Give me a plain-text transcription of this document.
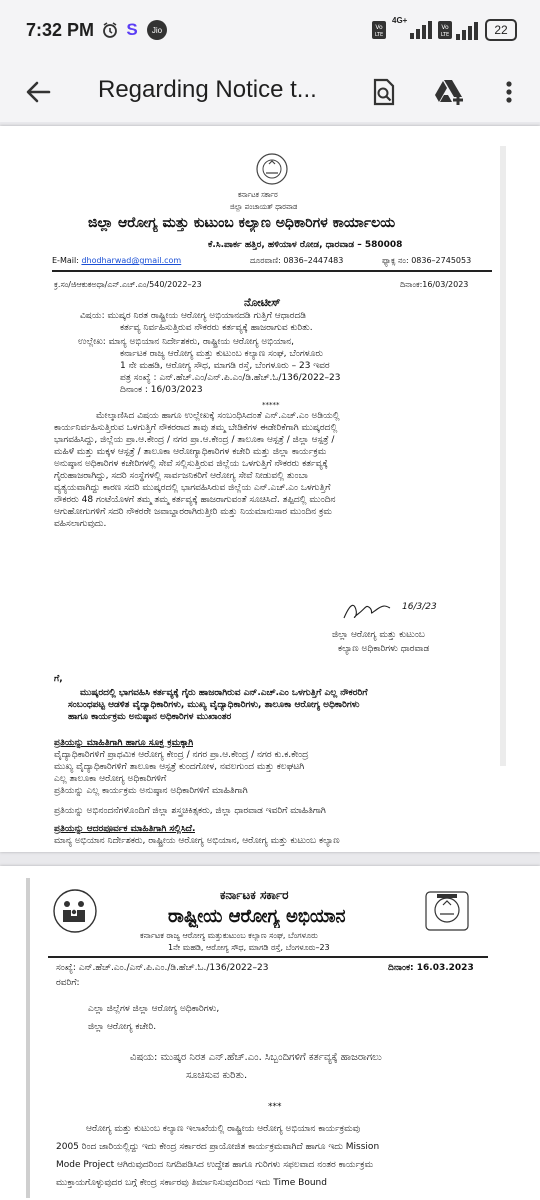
7:32 PM S	Jio	Vo
LTE
4G+
Vo
LTE	22
Regarding Notice t...
ಕರ್ನಾಟಕ ಸರ್ಕಾರ
ಜಿಲ್ಲಾ ಪಂಚಾಯತ್ ಧಾರವಾಡ
ಜಿಲ್ಲಾ ಆರೋಗ್ಯ ಮತ್ತು ಕುಟುಂಬ ಕಲ್ಯಾಣ ಅಧಿಕಾರಿಗಳ ಕಾರ್ಯಾಲಯ
ಕೆ.ಸಿ.ಪಾರ್ಕ ಹತ್ತಿರ, ಹಳಿಯಾಳ ರೋಡ, ಧಾರವಾಡ – 580008
E-Mail: dhodharwad@gmail.com	ದೂರವಾಣಿ: 0836–2447483	ಫ್ಯಾಕ್ಸ ನಂ: 0836–2745053
ಕ್ರ.ಸಂ/ಜಿಆಕುಕಅಧಾ/ಎನ್.ಎಚ್.ಎಂ/540/2022–23	ದಿನಾಂಕ:16/03/2023
ನೋಟೀಸ್
ವಿಷಯ: ಮುಷ್ಕರ ನಿರತ ರಾಷ್ಟ್ರೀಯ ಆರೋಗ್ಯ ಅಭಿಯಾನದಡಿ ಗುತ್ತಿಗೆ ಆಧಾರದಡಿ
ಕರ್ತವ್ಯ ನಿರ್ವಹಿಸುತ್ತಿರುವ ನೌಕರರು ಕರ್ತವ್ಯಕ್ಕೆ ಹಾಜರಾಗುವ ಕುರಿತು.
ಉಲ್ಲೇಖ: ಮಾನ್ಯ ಅಭಿಯಾನ ನಿರ್ದೇಶಕರು, ರಾಷ್ಟ್ರೀಯ ಆರೋಗ್ಯ ಅಭಿಯಾನ,
ಕರ್ನಾಟಕ ರಾಜ್ಯ ಆರೋಗ್ಯ ಮತ್ತು ಕುಟುಂಬ ಕಲ್ಯಾಣ ಸಂಘ, ಬೆಂಗಳೂರು
1 ನೇ ಮಹಡಿ, ಆರೋಗ್ಯ ಸೌಧ, ಮಾಗಡಿ ರಸ್ತೆ, ಬೆಂಗಳೂರು – 23 ಇವರ
ಪತ್ರ ಸಂಖ್ಯೆ : ಎನ್.ಹೆಚ್.ಎಂ/ಎನ್.ಪಿ.ಎಂ/ಡಿ.ಹೆಚ್.ಓ/136/2022–23
ದಿನಾಂಕ : 16/03/2023
*****
ಮೇಲ್ಕಾಣಿಸಿದ ವಿಷಯ ಹಾಗೂ ಉಲ್ಲೇಖಕ್ಕೆ ಸಂಬಂಧಿಸಿದಂತೆ ಎನ್.ಎಚ್.ಎಂ ಅಡಿಯಲ್ಲಿ
ಕಾರ್ಯನಿರ್ವಹಿಸುತ್ತಿರುವ ಒಳಗುತ್ತಿಗೆ ನೌಕರರಾದ ತಾವು ತಮ್ಮ ಬೇಡಿಕೆಗಳ ಈಡೇರಿಕೆಗಾಗಿ ಮುಷ್ಕರದಲ್ಲಿ
ಭಾಗವಹಿಸಿದ್ದು, ಜಿಲ್ಲೆಯ ಪ್ರಾ.ಆ.ಕೇಂದ್ರ / ನಗರ ಪ್ರಾ.ಆ.ಕೇಂದ್ರ / ತಾಲೂಕಾ ಆಸ್ಪತ್ರೆ / ಜಿಲ್ಲಾ ಆಸ್ಪತ್ರೆ /
ಮಹಿಳೆ ಮತ್ತು ಮಕ್ಕಳ ಆಸ್ಪತ್ರೆ / ತಾಲೂಕಾ ಆರೋಗ್ಯಾಧಿಕಾರಿಗಳ ಕಚೇರಿ ಮತ್ತು ಜಿಲ್ಲಾ ಕಾರ್ಯಕ್ರಮ
ಅನುಷ್ಠಾನ ಅಧಿಕಾರಿಗಳ ಕಚೇರಿಗಳಲ್ಲಿ ಸೇವೆ ಸಲ್ಲಿಸುತ್ತಿರುವ ಜಿಲ್ಲೆಯ ಒಳಗುತ್ತಿಗೆ ನೌಕರರು ಕರ್ತವ್ಯಕ್ಕೆ
ಗೈರುಹಾಜರಾಗಿದ್ದು, ಸದರಿ ಸಂಸ್ಥೆಗಳಲ್ಲಿ ಸಾರ್ವಜನಿಕರಿಗೆ ಆರೋಗ್ಯ ಸೇವೆ ನೀಡುವಲ್ಲಿ ತುಂಬಾ
ವ್ಯತ್ಯಯವಾಗಿದ್ದು ಕಾರಣ ಸದರಿ ಮುಷ್ಕರದಲ್ಲಿ ಭಾಗವಹಿಸಿರುವ ಜಿಲ್ಲೆಯ ಎನ್.ಎಚ್.ಎಂ ಒಳಗುತ್ತಿಗೆ
ನೌಕರರು 48 ಗಂಟೆಯೊಳಗೆ ತಮ್ಮ ತಮ್ಮ ಕರ್ತವ್ಯಕ್ಕೆ ಹಾಜರಾಗುವಂತೆ ಸೂಚಿಸಿದೆ. ತಪ್ಪಿದಲ್ಲಿ ಮುಂದಿನ
ಆಗುಹೋಗುಗಳಿಗೆ ಸದರಿ ನೌಕರರೇ ಜವಾಬ್ದಾರರಾಗಿರುತ್ತೀರಿ ಮತ್ತು ನಿಯಮಾನುಸಾರ ಮುಂದಿನ ಕ್ರಮ
ವಹಿಸಲಾಗುವುದು.
16/3/23
ಜಿಲ್ಲಾ ಆರೋಗ್ಯ ಮತ್ತು ಕುಟುಂಬ
ಕಲ್ಯಾಣ ಅಧಿಕಾರಿಗಳು ಧಾರವಾಡ
ಗೆ,
ಮುಷ್ಕರದಲ್ಲಿ ಭಾಗವಹಿಸಿ ಕರ್ತವ್ಯಕ್ಕೆ ಗೈರು ಹಾಜರಾಗಿರುವ ಎನ್.ಎಚ್.ಎಂ ಒಳಗುತ್ತಿಗೆ ಎಲ್ಲ ನೌಕರರಿಗೆ
ಸಂಬಂಧಪಟ್ಟ ಆಡಳಿತ ವೈದ್ಯಾಧಿಕಾರಿಗಳು, ಮುಖ್ಯ ವೈದ್ಯಾಧಿಕಾರಿಗಳು, ತಾಲೂಕಾ ಆರೋಗ್ಯ ಅಧಿಕಾರಿಗಳು
ಹಾಗೂ ಕಾರ್ಯಕ್ರಮ ಅನುಷ್ಠಾನ ಅಧಿಕಾರಿಗಳ ಮುಖಾಂತರ
ಪ್ರತಿಯನ್ನು ಮಾಹಿತಿಗಾಗಿ ಹಾಗೂ ಸೂಕ್ತ ಕ್ರಮಕ್ಕಾಗಿ
ವೈದ್ಯಾಧಿಕಾರಿಗಳಿಗೆ ಪ್ರಾಥಮಿಕ ಆರೋಗ್ಯ ಕೇಂದ್ರ / ನಗರ ಪ್ರಾ.ಆ.ಕೇಂದ್ರ / ನಗರ ಕು.ಕ.ಕೇಂದ್ರ
ಮುಖ್ಯ ವೈದ್ಯಾಧಿಕಾರಿಗಳಿಗೆ ತಾಲೂಕಾ ಆಸ್ಪತ್ರೆ ಕುಂದಗೋಳ, ನವಲಗುಂದ ಮತ್ತು ಕಲಘಟಗಿ
ಎಲ್ಲ ತಾಲೂಕಾ ಆರೋಗ್ಯ ಅಧಿಕಾರಿಗಳಿಗೆ
ಪ್ರತಿಯನ್ನು ಎಲ್ಲ ಕಾರ್ಯಕ್ರಮ ಅನುಷ್ಠಾನ ಅಧಿಕಾರಿಗಳಿಗೆ ಮಾಹಿತಿಗಾಗಿ
ಪ್ರತಿಯನ್ನು ಅಭಿನಂದನೆಗಳೊಂದಿಗೆ ಜಿಲ್ಲಾ ಶಸ್ತ್ರಚಿಕಿತ್ಸಕರು, ಜಿಲ್ಲಾ ಧಾರವಾಡ ಇವರಿಗೆ ಮಾಹಿತಿಗಾಗಿ
ಪ್ರತಿಯನ್ನು ಆದರಪೂರ್ವಕ ಮಾಹಿತಿಗಾಗಿ ಸಲ್ಲಿಸಿದೆ.
ಮಾನ್ಯ ಅಭಿಯಾನ ನಿರ್ದೇಶಕರು, ರಾಷ್ಟ್ರೀಯ ಆರೋಗ್ಯ ಅಭಿಯಾನ, ಆರೋಗ್ಯ ಮತ್ತು ಕುಟುಂಬ ಕಲ್ಯಾಣ
ಕರ್ನಾಟಕ ಸರ್ಕಾರ
ರಾಷ್ಟ್ರೀಯ ಆರೋಗ್ಯ ಅಭಿಯಾನ
ಕರ್ನಾಟಕ ರಾಜ್ಯ ಆರೋಗ್ಯ ಮತ್ತುಕುಟುಂಬ ಕಲ್ಯಾಣ ಸಂಘ, ಬೆಂಗಳೂರು
1ನೇ ಮಹಡಿ, ಆರೋಗ್ಯ ಸೌಧ, ಮಾಗಡಿ ರಸ್ತೆ, ಬೆಂಗಳೂರು–23
ಸಂಖ್ಯೆ: ಎನ್.ಹೆಚ್.ಎಂ./ಎನ್.ಪಿ.ಎಂ./ಡಿ.ಹೆಚ್.ಓ./136/2022–23	ದಿನಾಂಕ: 16.03.2023
ರವರಿಗೆ:
ಎಲ್ಲಾ ಜಿಲ್ಲೆಗಳ ಜಿಲ್ಲಾ ಆರೋಗ್ಯ ಅಧಿಕಾರಿಗಳು,
ಜಿಲ್ಲಾ ಆರೋಗ್ಯ ಕಚೇರಿ.
ವಿಷಯ: ಮುಷ್ಕರ ನಿರತ ಎನ್.ಹೆಚ್.ಎಂ. ಸಿಬ್ಬಂದಿಗಳಿಗೆ ಕರ್ತವ್ಯಕ್ಕೆ ಹಾಜರಾಗಲು
ಸೂಚಿಸುವ ಕುರಿತು.
***
ಆರೋಗ್ಯ ಮತ್ತು ಕುಟುಂಬ ಕಲ್ಯಾಣ ಇಲಾಖೆಯಲ್ಲಿ ರಾಷ್ಟ್ರೀಯ ಆರೋಗ್ಯ ಅಭಿಯಾನ ಕಾರ್ಯಕ್ರಮವು
2005 ರಿಂದ ಜಾರಿಯಲ್ಲಿದ್ದು ಇದು ಕೇಂದ್ರ ಸರ್ಕಾರದ ಪ್ರಾಯೋಜಿತ ಕಾರ್ಯಕ್ರಮವಾಗಿದೆ ಹಾಗೂ ಇದು Mission
Mode Project ಆಗಿರುವುದರಿಂದ ನಿಗದಿಪಡಿಸಿದ ಉದ್ದೇಶ ಹಾಗೂ ಗುರಿಗಳು ಸಫಲವಾದ ನಂತರ ಕಾರ್ಯಕ್ರಮ
ಮುಕ್ತಾಯಗೊಳ್ಳುವುದರ ಬಗ್ಗೆ ಕೇಂದ್ರ ಸರ್ಕಾರವು ತಿರ್ಮಾನಿಸುವುದರಿಂದ ಇದು Time Bound
